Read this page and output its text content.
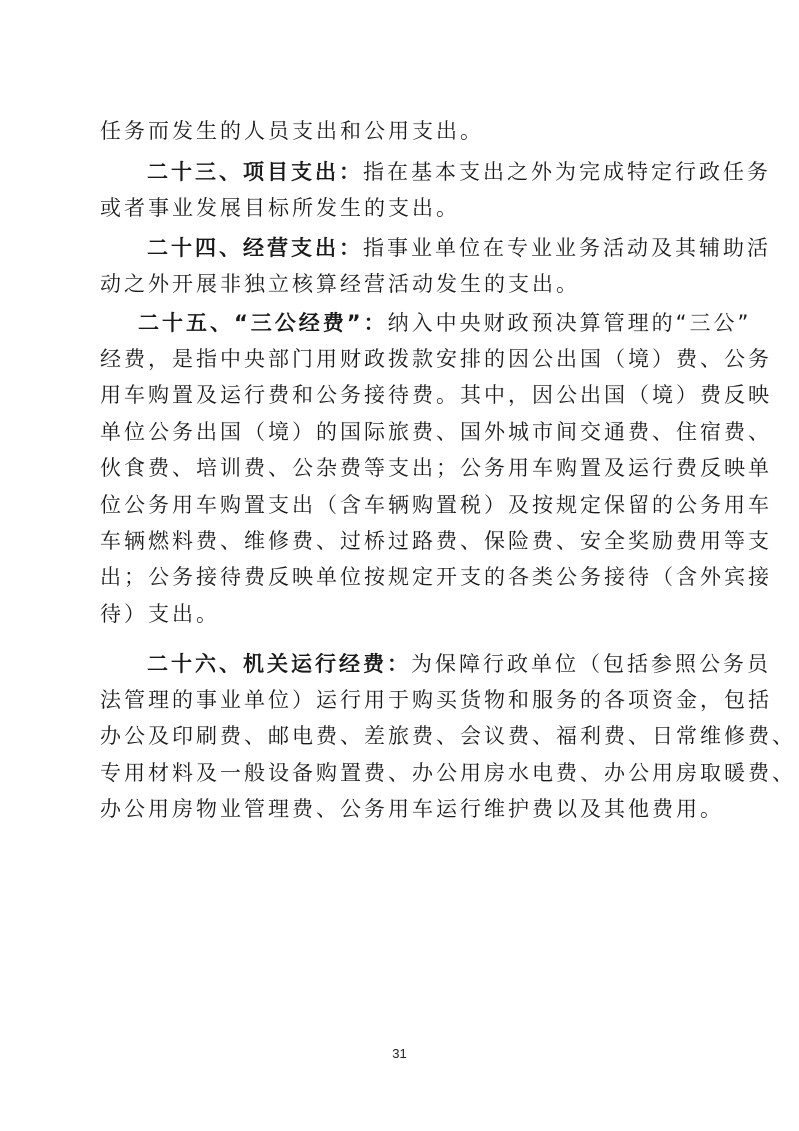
任务而发生的人员支出和公用支出。

二十三、项目支出：指在基本支出之外为完成特定行政任务

或者事业发展目标所发生的支出。

二十四、经营支出：指事业单位在专业业务活动及其辅助活

动之外开展非独立核算经营活动发生的支出。

二十五、“三公经费”：纳入中央财政预决算管理的“三公”

经费，是指中央部门用财政拨款安排的因公出国（境）费、公务

用车购置及运行费和公务接待费。其中，因公出国（境）费反映

单位公务出国（境）的国际旅费、国外城市间交通费、住宿费、

伙食费、培训费、公杂费等支出；公务用车购置及运行费反映单

位公务用车购置支出（含车辆购置税）及按规定保留的公务用车

车辆燃料费、维修费、过桥过路费、保险费、安全奖励费用等支

出；公务接待费反映单位按规定开支的各类公务接待（含外宾接

待）支出。

二十六、机关运行经费：为保障行政单位（包括参照公务员

法管理的事业单位）运行用于购买货物和服务的各项资金，包括

办公及印刷费、邮电费、差旅费、会议费、福利费、日常维修费、

专用材料及一般设备购置费、办公用房水电费、办公用房取暖费、

办公用房物业管理费、公务用车运行维护费以及其他费用。

31
